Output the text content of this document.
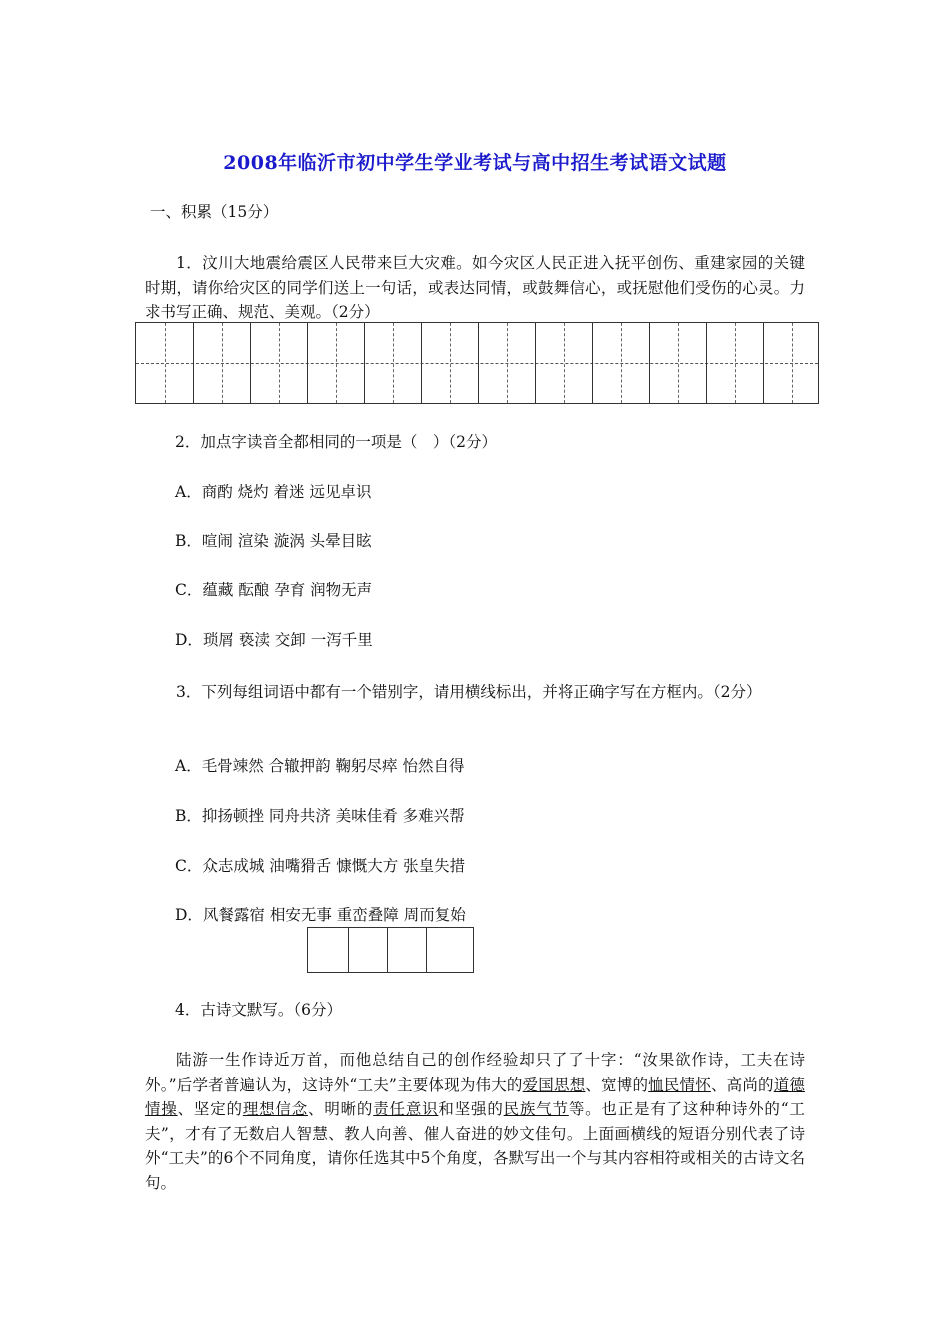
2008年临沂市初中学生学业考试与高中招生考试语文试题
一、积累（15分）
1．汶川大地震给震区人民带来巨大灾难。如今灾区人民正进入抚平创伤、重建家园的关键时期，请你给灾区的同学们送上一句话，或表达同情，或鼓舞信心，或抚慰他们受伤的心灵。力求书写正确、规范、美观。（2分）
2．加点字读音全都相同的一项是（　）（2分）
A．商酌 烧灼 着迷 远见卓识
B．喧闹 渲染 漩涡 头晕目眩
C．蕴藏 酝酿 孕育 润物无声
D．琐屑 亵渎 交卸 一泻千里
3．下列每组词语中都有一个错别字，请用横线标出，并将正确字写在方框内。（2分）
A．毛骨竦然 合辙押韵 鞠躬尽瘁 怡然自得
B．抑扬顿挫 同舟共济 美味佳肴 多难兴帮
C．众志成城 油嘴猾舌 慷慨大方 张皇失措
D．风餐露宿 相安无事 重峦叠障 周而复始
4．古诗文默写。（6分）
陆游一生作诗近万首，而他总结自己的创作经验却只了了十字：“汝果欲作诗，工夫在诗外。”后学者普遍认为，这诗外“工夫”主要体现为伟大的爱国思想、宽博的恤民情怀、高尚的道德情操、坚定的理想信念、明晰的责任意识和坚强的民族气节等。也正是有了这种种诗外的“工夫”，才有了无数启人智慧、教人向善、催人奋进的妙文佳句。上面画横线的短语分别代表了诗外“工夫”的6个不同角度，请你任选其中5个角度，各默写出一个与其内容相符或相关的古诗文名句。
